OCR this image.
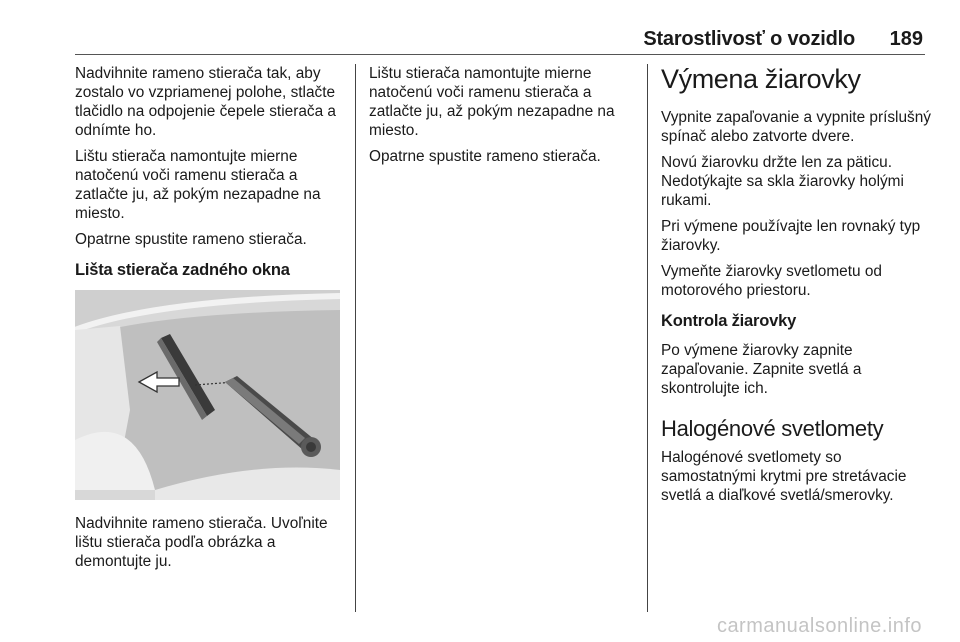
Starostlivosť o vozidlo 189

Nadvihnite rameno stierača tak, aby zostalo vo vzpriamenej polohe, stlačte tlačidlo na odpojenie čepele stierača a odnímte ho.

Lištu stierača namontujte mierne natočenú voči ramenu stierača a zatlačte ju, až pokým nezapadne na miesto.

Opatrne spustite rameno stierača.

Lišta stierača zadného okna

Nadvihnite rameno stierača. Uvoľnite lištu stierača podľa obrázka a demontujte ju.

Lištu stierača namontujte mierne natočenú voči ramenu stierača a zatlačte ju, až pokým nezapadne na miesto.

Opatrne spustite rameno stierača.

Výmena žiarovky

Vypnite zapaľovanie a vypnite príslušný spínač alebo zatvorte dvere.

Novú žiarovku držte len za päticu. Nedotýkajte sa skla žiarovky holými rukami.

Pri výmene používajte len rovnaký typ žiarovky.

Vymeňte žiarovky svetlometu od motorového priestoru.

Kontrola žiarovky

Po výmene žiarovky zapnite zapaľovanie. Zapnite svetlá a skontrolujte ich.

Halogénové svetlomety

Halogénové svetlomety so samostatnými krytmi pre stretávacie svetlá a diaľkové svetlá/smerovky.

carmanualsonline.info
